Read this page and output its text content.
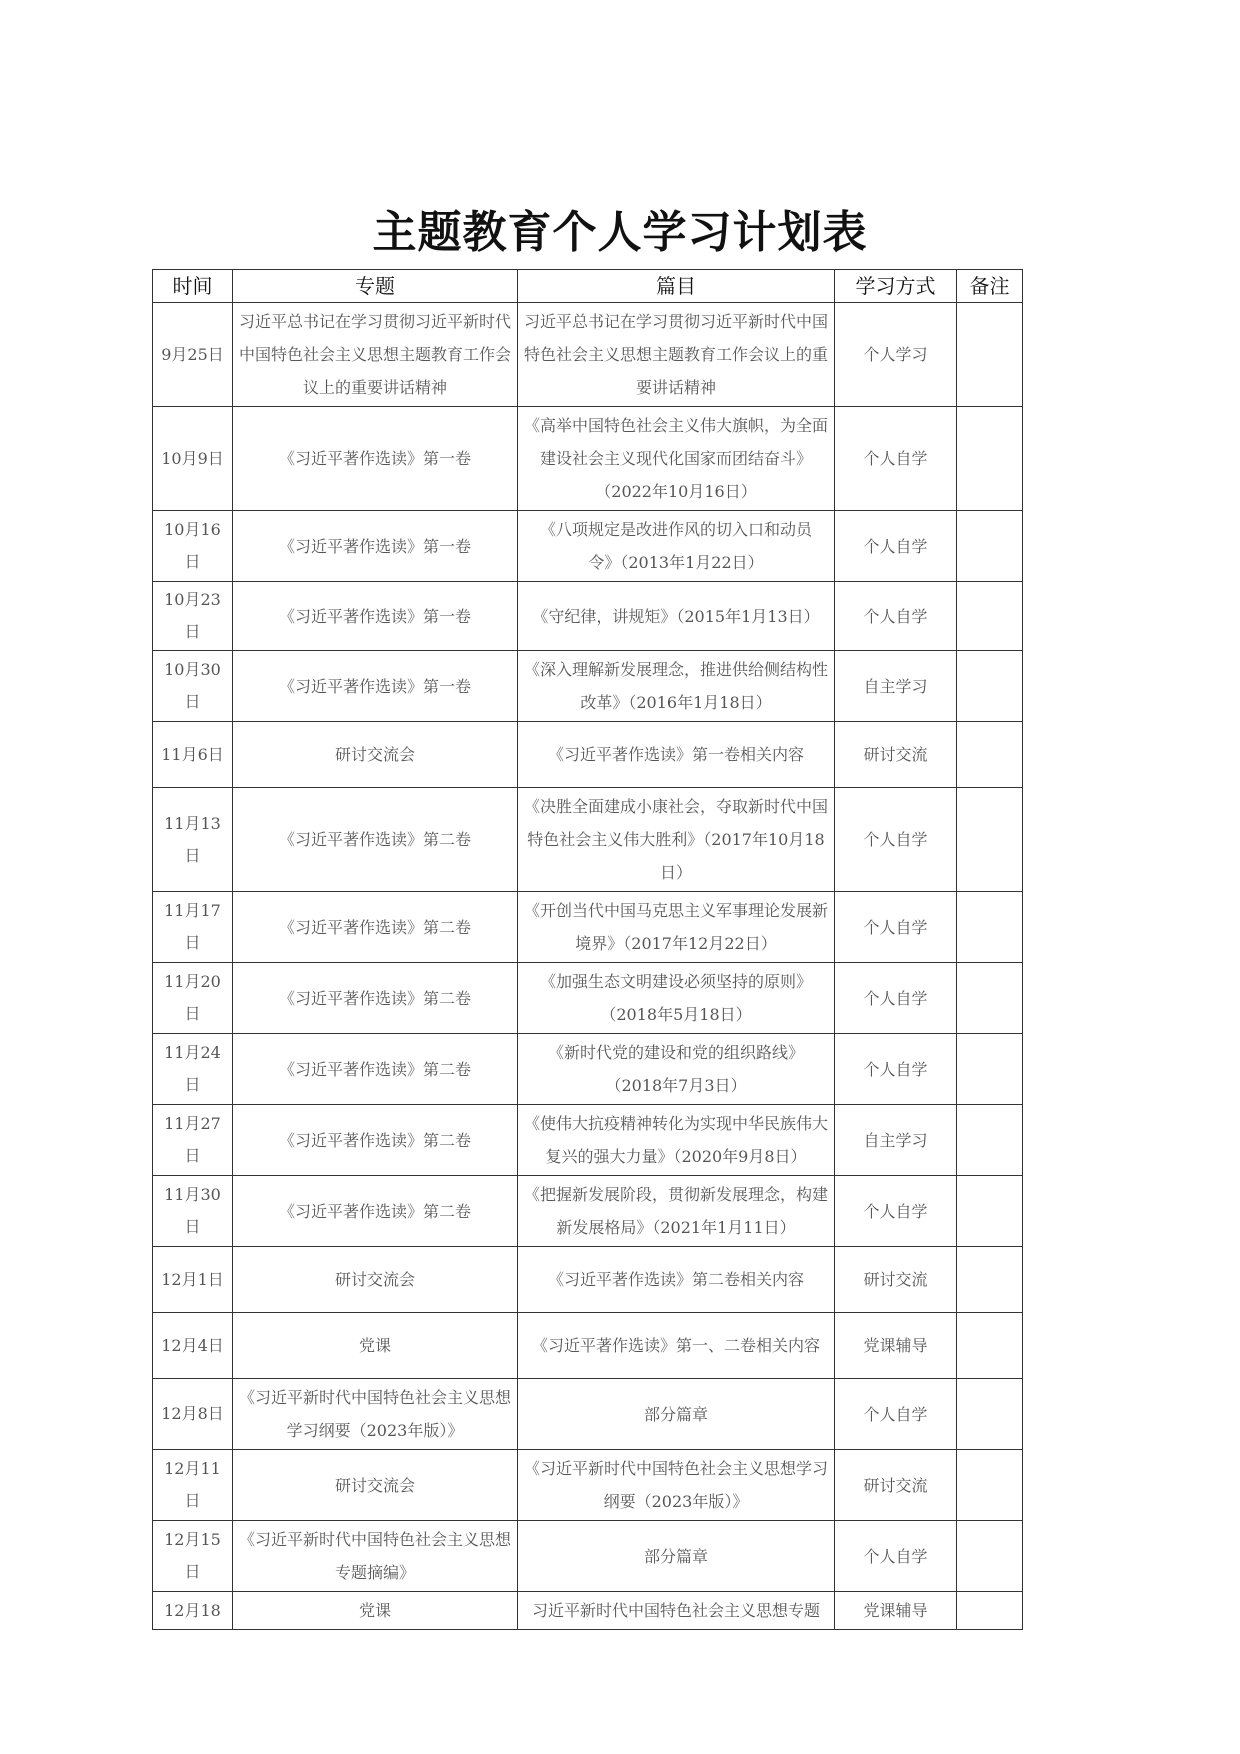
主题教育个人学习计划表
时间	专题	篇目	学习方式	备注
9月25日	习近平总书记在学习贯彻习近平新时代中国特色社会主义思想主题教育工作会议上的重要讲话精神	习近平总书记在学习贯彻习近平新时代中国特色社会主义思想主题教育工作会议上的重要讲话精神	个人学习	
10月9日	《习近平著作选读》第一卷	《高举中国特色社会主义伟大旗帜，为全面建设社会主义现代化国家而团结奋斗》（2022年10月16日）	个人自学	
10月16日	《习近平著作选读》第一卷	《八项规定是改进作风的切入口和动员令》（2013年1月22日）	个人自学	
10月23日	《习近平著作选读》第一卷	《守纪律，讲规矩》（2015年1月13日）	个人自学	
10月30日	《习近平著作选读》第一卷	《深入理解新发展理念，推进供给侧结构性改革》（2016年1月18日）	自主学习	
11月6日	研讨交流会	《习近平著作选读》第一卷相关内容	研讨交流	
11月13日	《习近平著作选读》第二卷	《决胜全面建成小康社会，夺取新时代中国特色社会主义伟大胜利》（2017年10月18日）	个人自学	
11月17日	《习近平著作选读》第二卷	《开创当代中国马克思主义军事理论发展新境界》（2017年12月22日）	个人自学	
11月20日	《习近平著作选读》第二卷	《加强生态文明建设必须坚持的原则》（2018年5月18日）	个人自学	
11月24日	《习近平著作选读》第二卷	《新时代党的建设和党的组织路线》（2018年7月3日）	个人自学	
11月27日	《习近平著作选读》第二卷	《使伟大抗疫精神转化为实现中华民族伟大复兴的强大力量》（2020年9月8日）	自主学习	
11月30日	《习近平著作选读》第二卷	《把握新发展阶段，贯彻新发展理念，构建新发展格局》（2021年1月11日）	个人自学	
12月1日	研讨交流会	《习近平著作选读》第二卷相关内容	研讨交流	
12月4日	党课	《习近平著作选读》第一、二卷相关内容	党课辅导	
12月8日	《习近平新时代中国特色社会主义思想学习纲要（2023年版）》	部分篇章	个人自学	
12月11日	研讨交流会	《习近平新时代中国特色社会主义思想学习纲要（2023年版）》	研讨交流	
12月15日	《习近平新时代中国特色社会主义思想专题摘编》	部分篇章	个人自学	
12月18	党课	习近平新时代中国特色社会主义思想专题	党课辅导	
